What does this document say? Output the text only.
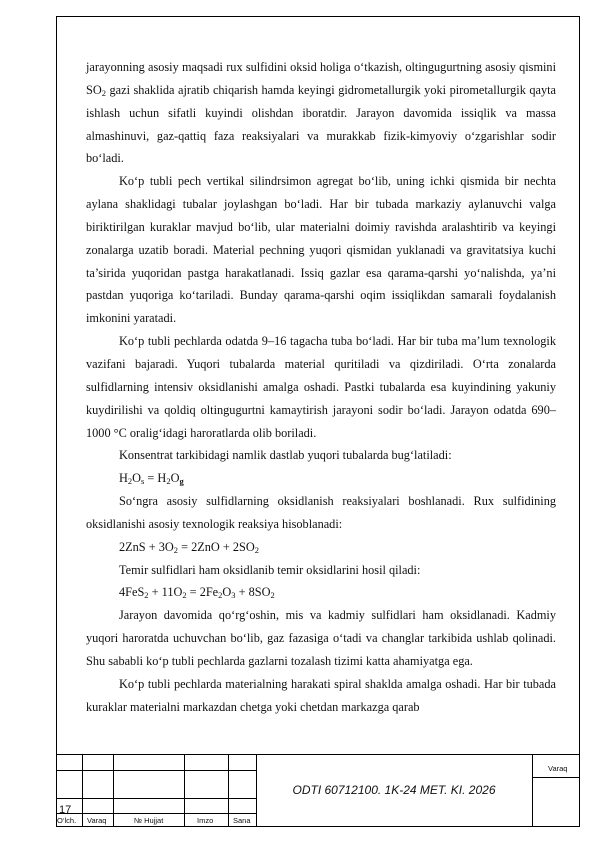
jarayonning asosiy maqsadi rux sulfidini oksid holiga o‘tkazish, oltingugurtning asosiy qismini $SO_2$ gazi shaklida ajratib chiqarish hamda keyingi gidrometallurgik yoki pirometallurgik qayta ishlash uchun sifatli kuyindi olishdan iboratdir. Jarayon davomida issiqlik va massa almashinuvi, gaz-qattiq faza reaksiyalari va murakkab fizik-kimyoviy o‘zgarishlar sodir bo‘ladi.

Ko‘p tubli pech vertikal silindrsimon agregat bo‘lib, uning ichki qismida bir nechta aylana shaklidagi tubalar joylashgan bo‘ladi. Har bir tubada markaziy aylanuvchi valga biriktirilgan kuraklar mavjud bo‘lib, ular materialni doimiy ravishda aralashtirib va keyingi zonalarga uzatib boradi. Material pechning yuqori qismidan yuklanadi va gravitatsiya kuchi ta’sirida yuqoridan pastga harakatlanadi. Issiq gazlar esa qarama-qarshi yo‘nalishda, ya’ni pastdan yuqoriga ko‘tariladi. Bunday qarama-qarshi oqim issiqlikdan samarali foydalanish imkonini yaratadi.

Ko‘p tubli pechlarda odatda 9–16 tagacha tuba bo‘ladi. Har bir tuba ma’lum texnologik vazifani bajaradi. Yuqori tubalarda material quritiladi va qizdiriladi. O‘rta zonalarda sulfidlarning intensiv oksidlanishi amalga oshadi. Pastki tubalarda esa kuyindining yakuniy kuydirilishi va qoldiq oltingugurtni kamaytirish jarayoni sodir bo‘ladi. Jarayon odatda 690–1000 °C oralig‘idagi haroratlarda olib boriladi.

Konsentrat tarkibidagi namlik dastlab yuqori tubalarda bug‘latiladi:

$H_2O_s = H_2O_g$

So‘ngra asosiy sulfidlarning oksidlanish reaksiyalari boshlanadi. Rux sulfidining oksidlanishi asosiy texnologik reaksiya hisoblanadi:

$2ZnS + 3O_2 = 2ZnO + 2SO_2$

Temir sulfidlari ham oksidlanib temir oksidlarini hosil qiladi:

$4FeS_2 + 11O_2 = 2Fe_2O_3 + 8SO_2$

Jarayon davomida qo‘rg‘oshin, mis va kadmiy sulfidlari ham oksidlanadi. Kadmiy yuqori haroratda uchuvchan bo‘lib, gaz fazasiga o‘tadi va changlar tarkibida ushlab qolinadi. Shu sababli ko‘p tubli pechlarda gazlarni tozalash tizimi katta ahamiyatga ega.

Ko‘p tubli pechlarda materialning harakati spiral shaklda amalga oshadi. Har bir tubada kuraklar materialni markazdan chetga yoki chetdan markazga qarab

Varaq
17
ODTI 60712100. 1K-24 MET. KI. 2026
O‘lch. Varaq	№ Hujjat	Imzo	Sana
